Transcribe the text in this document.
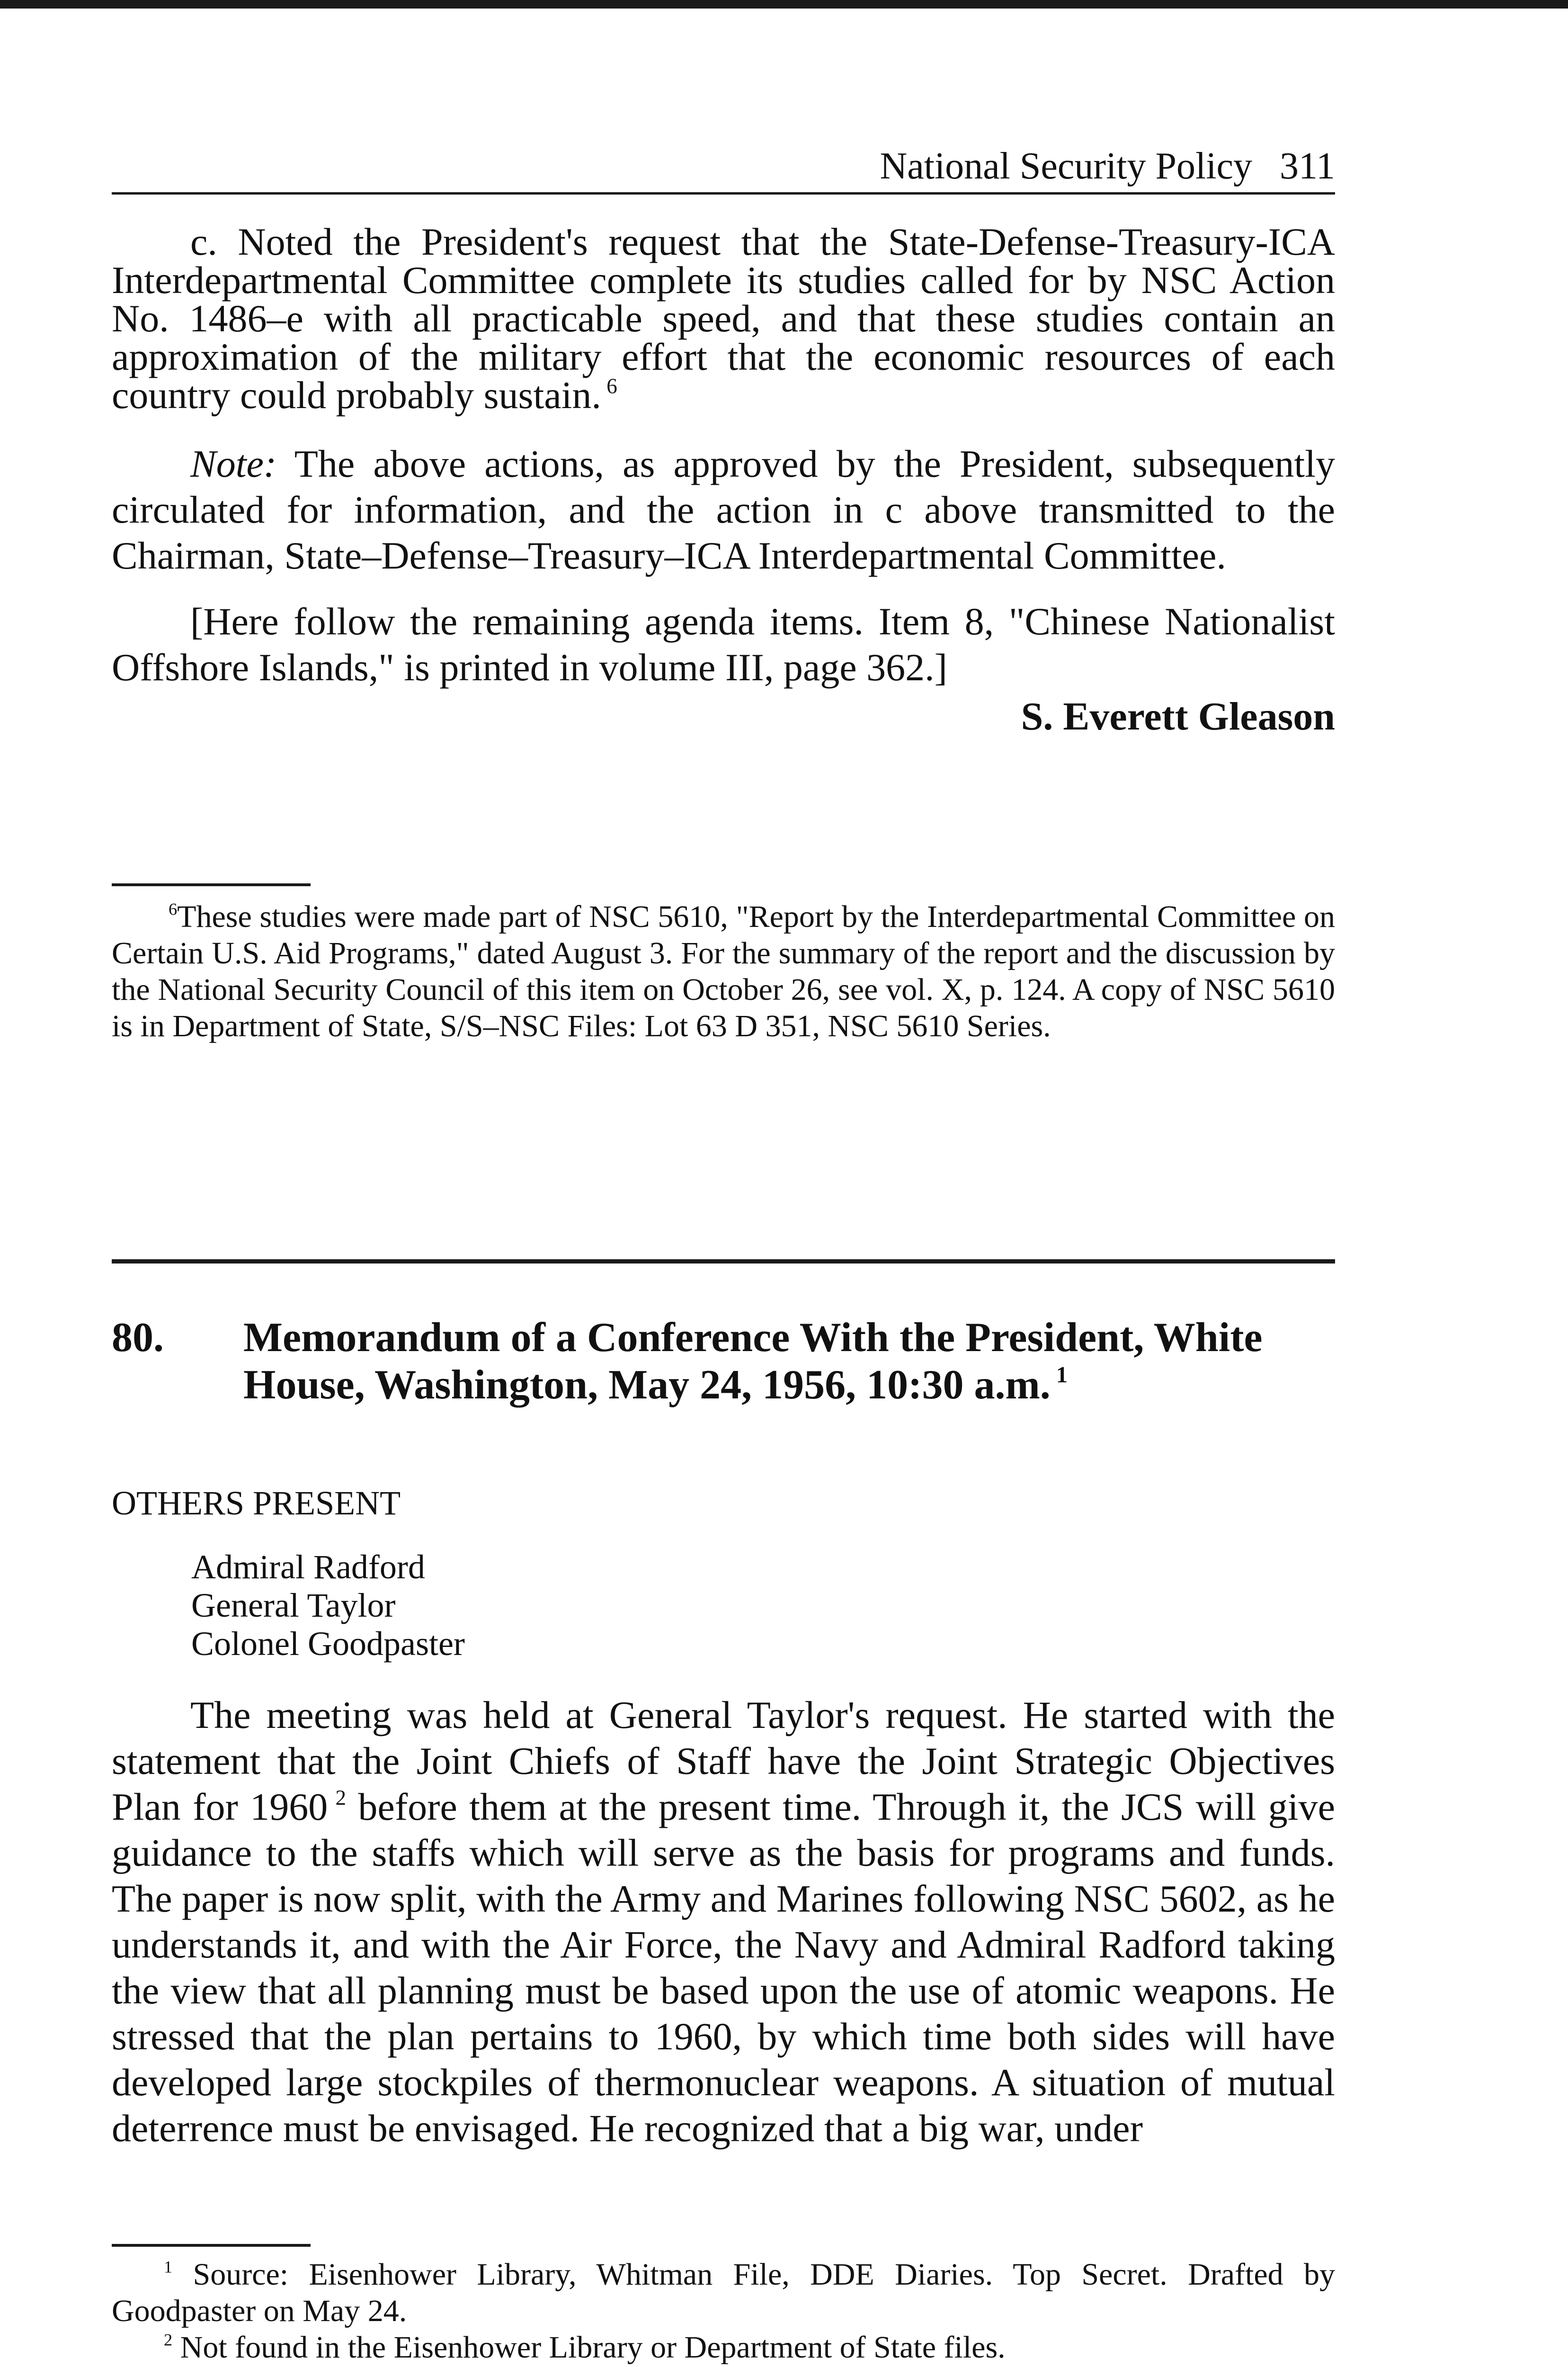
National Security Policy 311

c. Noted the President's request that the State-Defense-Treasury-ICA Interdepartmental Committee complete its studies called for by NSC Action No. 1486–e with all practicable speed, and that these studies contain an approximation of the military effort that the economic resources of each country could probably sustain. $^6$

Note: The above actions, as approved by the President, subsequently circulated for information, and the action in c above transmitted to the Chairman, State–Defense–Treasury–ICA Interdepartmental Committee.

[Here follow the remaining agenda items. Item 8, "Chinese Nationalist Offshore Islands," is printed in volume III, page 362.]

S. Everett Gleason

$^6$These studies were made part of NSC 5610, "Report by the Interdepartmental Committee on Certain U.S. Aid Programs," dated August 3. For the summary of the report and the discussion by the National Security Council of this item on October 26, see vol. X, p. 124. A copy of NSC 5610 is in Department of State, S/S–NSC Files: Lot 63 D 351, NSC 5610 Series.

80. Memorandum of a Conference With the President, White House, Washington, May 24, 1956, 10:30 a.m. $^1$
OTHERS PRESENT
Admiral Radford
General Taylor
Colonel Goodpaster

The meeting was held at General Taylor's request. He started with the statement that the Joint Chiefs of Staff have the Joint Strategic Objectives Plan for 1960 $^2$ before them at the present time. Through it, the JCS will give guidance to the staffs which will serve as the basis for programs and funds. The paper is now split, with the Army and Marines following NSC 5602, as he understands it, and with the Air Force, the Navy and Admiral Radford taking the view that all planning must be based upon the use of atomic weapons. He stressed that the plan pertains to 1960, by which time both sides will have developed large stockpiles of thermonuclear weapons. A situation of mutual deterrence must be envisaged. He recognized that a big war, under

$^1$ Source: Eisenhower Library, Whitman File, DDE Diaries. Top Secret. Drafted by Goodpaster on May 24.

$^2$ Not found in the Eisenhower Library or Department of State files.
